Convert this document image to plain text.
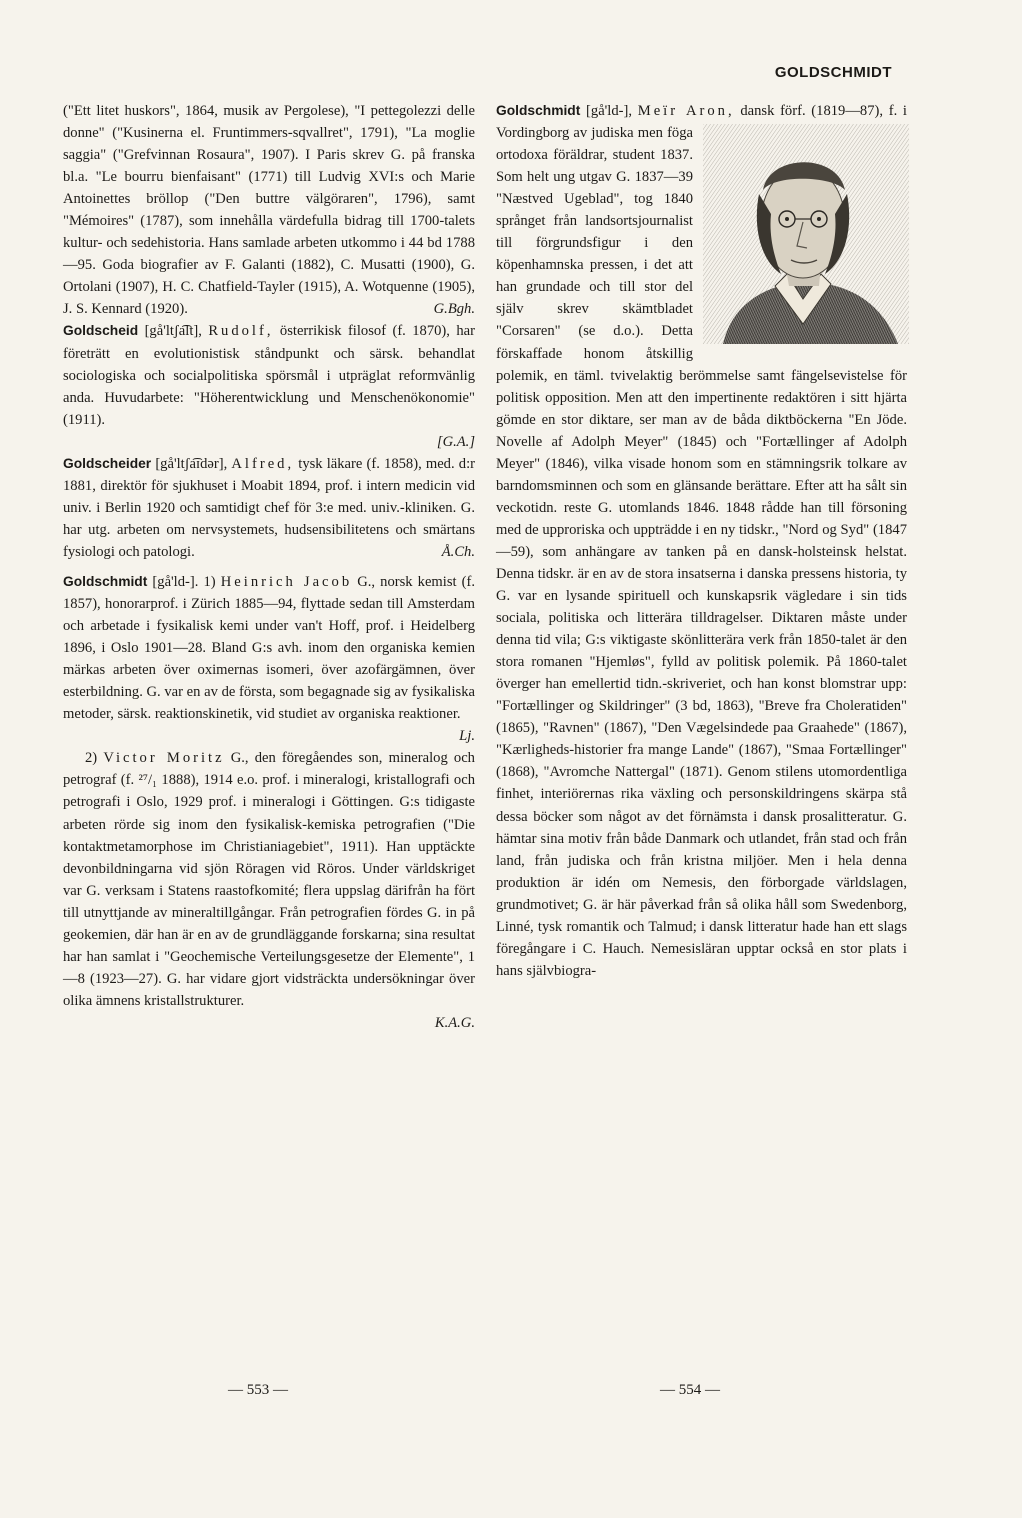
GOLDSCHMIDT

("Ett litet huskors", 1864, musik av Pergolese), "I pettegolezzi delle donne" ("Kusinerna el. Fruntimmers-sqvallret", 1791), "La moglie saggia" ("Grefvinnan Rosaura", 1907). I Paris skrev G. på franska bl.a. "Le bourru bienfaisant" (1771) till Ludvig XVI:s och Marie Antoinettes bröllop ("Den buttre välgöraren", 1796), samt "Mémoires" (1787), som innehålla värdefulla bidrag till 1700-talets kultur- och sedehistoria. Hans samlade arbeten utkommo i 44 bd 1788—95. Goda biografier av F. Galanti (1882), C. Musatti (1900), G. Ortolani (1907), H. C. Chatfield-Tayler (1915), A. Wotquenne (1905), J. S. Kennard (1920).	G.Bgh.

Goldscheid [gå'ltʃa͡lt], Rudolf, österrikisk filosof (f. 1870), har företrätt en evolutionistisk ståndpunkt och särsk. behandlat sociologiska och socialpolitiska spörsmål i utpräglat reformvänlig anda. Huvudarbete: "Höherentwicklung und Menschenökonomie" (1911).

[G.A.]

Goldscheider [gå'ltʃa͡ɪdər], Alfred, tysk läkare (f. 1858), med. d:r 1881, direktör för sjukhuset i Moabit 1894, prof. i intern medicin vid univ. i Berlin 1920 och samtidigt chef för 3:e med. univ.-kliniken. G. har utg. arbeten om nervsystemets, hudsensibilitetens och smärtans fysiologi och patologi.	Å.Ch.

Goldschmidt [gå'ld-]. 1) Heinrich Jacob G., norsk kemist (f. 1857), honorarprof. i Zürich 1885—94, flyttade sedan till Amsterdam och arbetade i fysikalisk kemi under van't Hoff, prof. i Heidelberg 1896, i Oslo 1901—28. Bland G:s avh. inom den organiska kemien märkas arbeten över oximernas isomeri, över azofärgämnen, över esterbildning. G. var en av de första, som begagnade sig av fysikaliska metoder, särsk. reaktionskinetik, vid studiet av organiska reaktioner.
Lj.

2) Victor Moritz G., den föregåendes son, mineralog och petrograf (f. ²⁷/₁ 1888), 1914 e.o. prof. i mineralogi, kristallografi och petrografi i Oslo, 1929 prof. i mineralogi i Göttingen. G:s tidigaste arbeten rörde sig inom den fysikalisk-kemiska petrografien ("Die kontaktmetamorphose im Christianiagebiet", 1911). Han upptäckte devonbildningarna vid sjön Röragen vid Röros. Under världskriget var G. verksam i Statens raastofkomité; flera uppslag därifrån ha fört till utnyttjande av mineraltillgångar. Från petrografien fördes G. in på geokemien, där han är en av de grundläggande forskarna; sina resultat har han samlat i "Geochemische Verteilungsgesetze der Elemente", 1—8 (1923—27). G. har vidare gjort vidsträckta undersökningar över olika ämnens kristallstrukturer.

K.A.G.

Goldschmidt [gå'ld-], Meïr Aron, dansk förf. (1819—87), f. i Vordingborg av judiska men föga ortodoxa föräldrar, student 1837. Som helt ung utgav G. 1837—39 "Næstved Ugeblad", tog 1840 språnget från landsortsjournalist till förgrundsfigur i den köpenhamnska pressen, i det att han grundade och till stor del själv skrev skämtbladet "Corsaren" (se d.o.). Detta förskaffade honom åtskillig polemik, en täml. tvivelaktig berömmelse samt fängelsevistelse för politisk opposition. Men att den impertinente redaktören i sitt hjärta gömde en stor diktare, ser man av de båda diktböckerna "En Jöde. Novelle af Adolph Meyer" (1845) och "Fortællinger af Adolph Meyer" (1846), vilka visade honom som en stämningsrik tolkare av barndomsminnen och som en glänsande berättare. Efter att ha sålt sin veckotidn. reste G. utomlands 1846. 1848 rådde han till försoning med de upproriska och uppträdde i en ny tidskr., "Nord og Syd" (1847—59), som anhängare av tanken på en dansk-holsteinsk helstat. Denna tidskr. är en av de stora insatserna i danska pressens historia, ty G. var en lysande spirituell och kunskapsrik vägledare i sin tids sociala, politiska och litterära tilldragelser. Diktaren måste under denna tid vila; G:s viktigaste skönlitterära verk från 1850-talet är den stora romanen "Hjemløs", fylld av politisk polemik. På 1860-talet överger han emellertid tidn.-skriveriet, och han konst blomstrar upp: "Fortællinger og Skildringer" (3 bd, 1863), "Breve fra Choleratiden" (1865), "Ravnen" (1867), "Den Vægelsindede paa Graahede" (1867), "Kærligheds-historier fra mange Lande" (1867), "Smaa Fortællinger" (1868), "Avromche Nattergal" (1871). Genom stilens utomordentliga finhet, interiörernas rika växling och personskildringens skärpa stå dessa böcker som något av det förnämsta i dansk prosalitteratur. G. hämtar sina motiv från både Danmark och utlandet, från stad och från land, från judiska och från kristna miljöer. Men i hela denna produktion är idén om Nemesis, den förborgade världslagen, grundmotivet; G. är här påverkad från så olika håll som Swedenborg, Linné, tysk romantik och Talmud; i dansk litteratur hade han ett slags föregångare i C. Hauch. Nemesisläran upptar också en stor plats i hans självbiogra-

— 553 —	— 554 —
